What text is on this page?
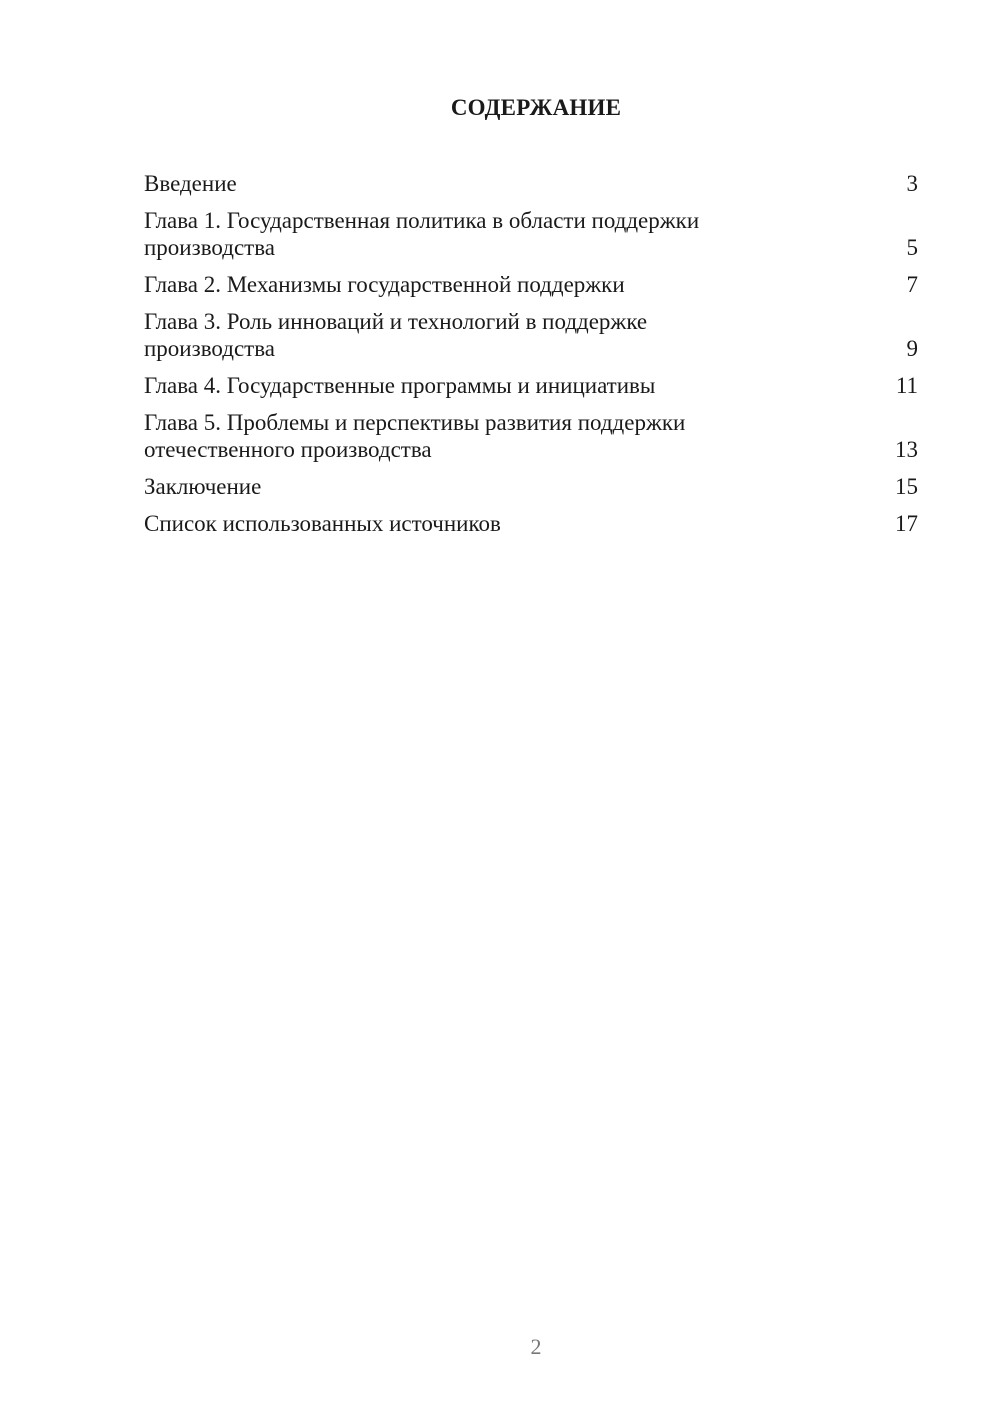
СОДЕРЖАНИЕ
Введение	3
Глава 1. Государственная политика в области поддержки
производства	5
Глава 2. Механизмы государственной поддержки	7
Глава 3. Роль инноваций и технологий в поддержке
производства	9
Глава 4. Государственные программы и инициативы	11
Глава 5. Проблемы и перспективы развития поддержки
отечественного производства	13
Заключение	15
Список использованных источников	17
2
